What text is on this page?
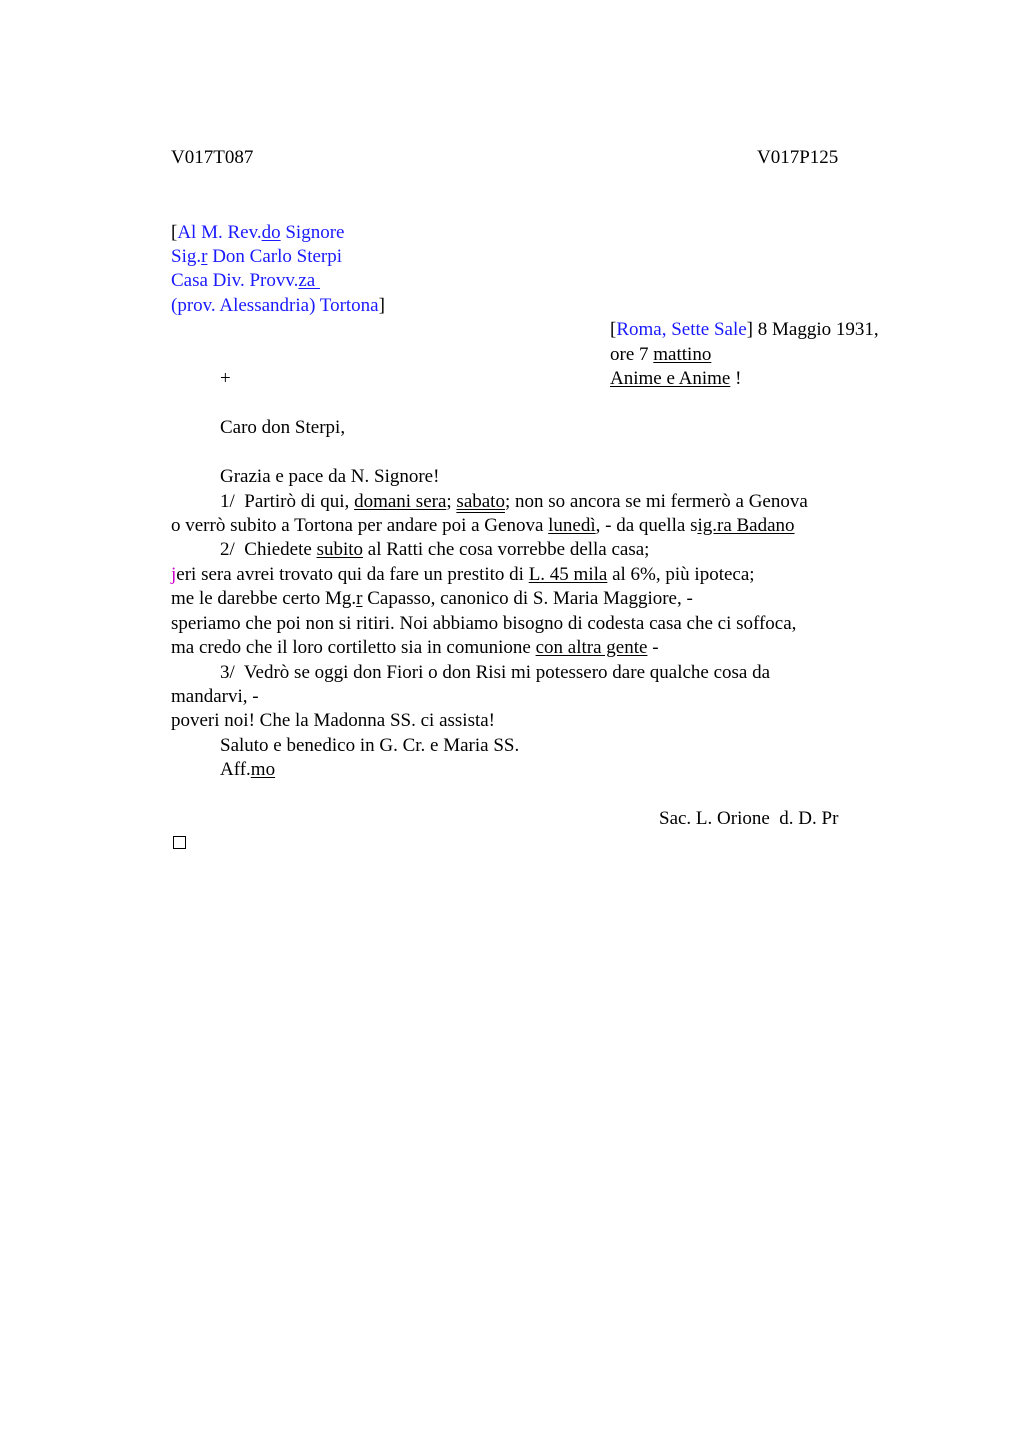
V017T087	V017P125
[Al M. Rev.do Signore
Sig.r Don Carlo Sterpi
Casa Div. Provv.za
(prov. Alessandria) Tortona]
[Roma, Sette Sale] 8 Maggio 1931,
ore 7 mattino
Anime e Anime !
+
Caro don Sterpi,
Grazia e pace da N. Signore!
1/  Partirò di qui, domani sera; sabato; non so ancora se mi fermerò a Genova
o verrò subito a Tortona per andare poi a Genova lunedì, - da quella sig.ra Badano
2/  Chiedete subito al Ratti che cosa vorrebbe della casa;
jeri sera avrei trovato qui da fare un prestito di L. 45 mila al 6%, più ipoteca;
me le darebbe certo Mg.r Capasso, canonico di S. Maria Maggiore, -
speriamo che poi non si ritiri. Noi abbiamo bisogno di codesta casa che ci soffoca,
ma credo che il loro cortiletto sia in comunione con altra gente -
3/  Vedrò se oggi don Fiori o don Risi mi potessero dare qualche cosa da
mandarvi, -
poveri noi! Che la Madonna SS. ci assista!
Saluto e benedico in G. Cr. e Maria SS.
Aff.mo
Sac. L. Orione  d. D. Pr
